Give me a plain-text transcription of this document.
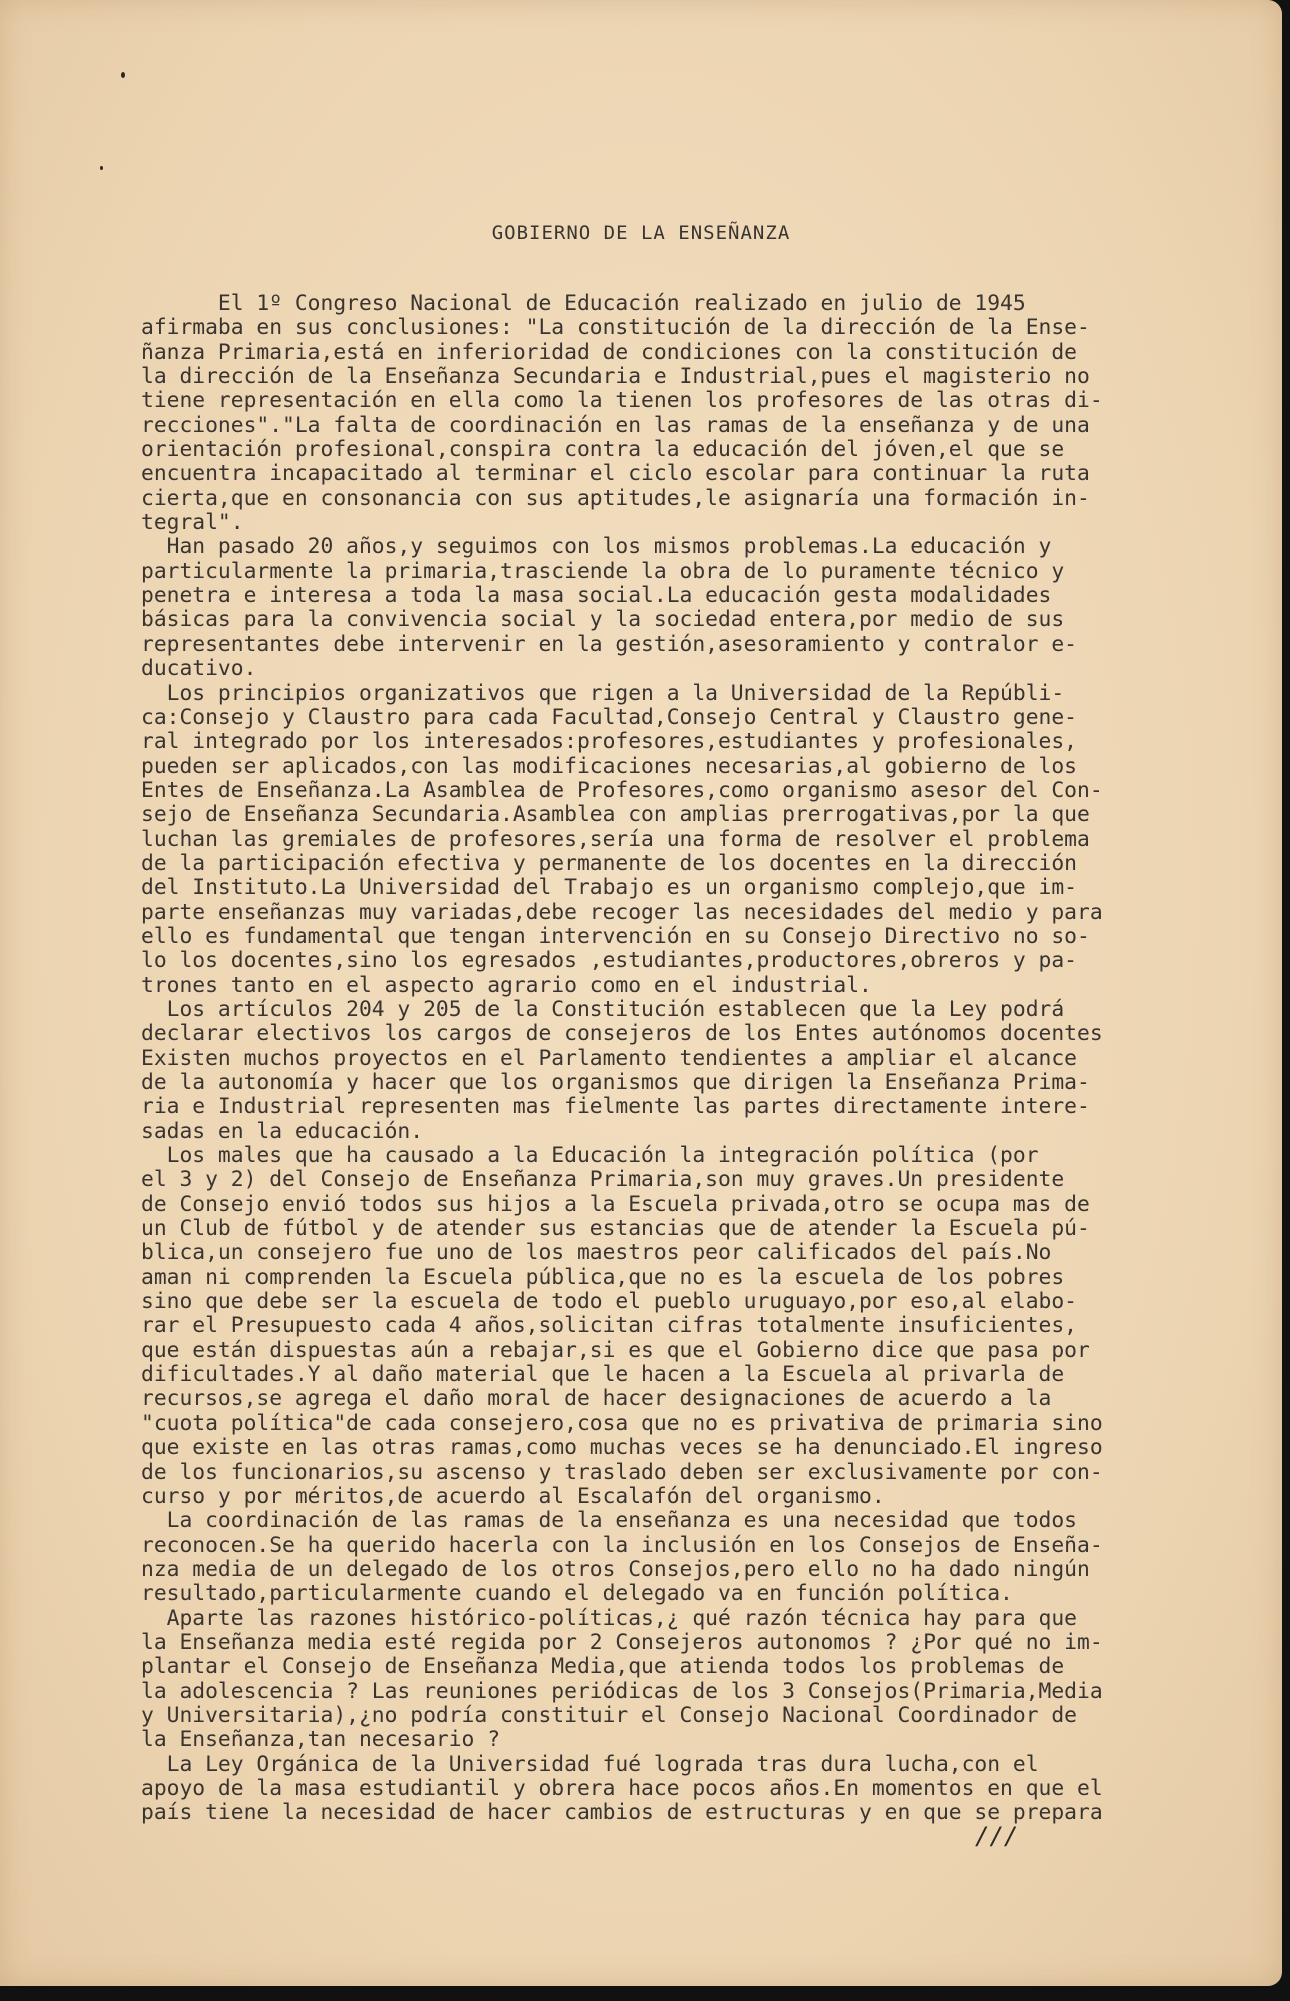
GOBIERNO DE LA ENSEÑANZA
El 1º Congreso Nacional de Educación realizado en julio de 1945
afirmaba en sus conclusiones: "La constitución de la dirección de la Ense-
ñanza Primaria,está en inferioridad de condiciones con la constitución de
la dirección de la Enseñanza Secundaria e Industrial,pues el magisterio no
tiene representación en ella como la tienen los profesores de las otras di-
recciones"."La falta de coordinación en las ramas de la enseñanza y de una
orientación profesional,conspira contra la educación del jóven,el que se
encuentra incapacitado al terminar el ciclo escolar para continuar la ruta
cierta,que en consonancia con sus aptitudes,le asignaría una formación in-
tegral".
Han pasado 20 años,y seguimos con los mismos problemas.La educación y
particularmente la primaria,trasciende la obra de lo puramente técnico y
penetra e interesa a toda la masa social.La educación gesta modalidades
básicas para la convivencia social y la sociedad entera,por medio de sus
representantes debe intervenir en la gestión,asesoramiento y contralor e-
ducativo.
Los principios organizativos que rigen a la Universidad de la Repúbli-
ca:Consejo y Claustro para cada Facultad,Consejo Central y Claustro gene-
ral integrado por los interesados:profesores,estudiantes y profesionales,
pueden ser aplicados,con las modificaciones necesarias,al gobierno de los
Entes de Enseñanza.La Asamblea de Profesores,como organismo asesor del Con-
sejo de Enseñanza Secundaria.Asamblea con amplias prerrogativas,por la que
luchan las gremiales de profesores,sería una forma de resolver el problema
de la participación efectiva y permanente de los docentes en la dirección
del Instituto.La Universidad del Trabajo es un organismo complejo,que im-
parte enseñanzas muy variadas,debe recoger las necesidades del medio y para
ello es fundamental que tengan intervención en su Consejo Directivo no so-
lo los docentes,sino los egresados ,estudiantes,productores,obreros y pa-
trones tanto en el aspecto agrario como en el industrial.
Los artículos 204 y 205 de la Constitución establecen que la Ley podrá
declarar electivos los cargos de consejeros de los Entes autónomos docentes
Existen muchos proyectos en el Parlamento tendientes a ampliar el alcance
de la autonomía y hacer que los organismos que dirigen la Enseñanza Prima-
ria e Industrial representen mas fielmente las partes directamente intere-
sadas en la educación.
Los males que ha causado a la Educación la integración política (por
el 3 y 2) del Consejo de Enseñanza Primaria,son muy graves.Un presidente
de Consejo envió todos sus hijos a la Escuela privada,otro se ocupa mas de
un Club de fútbol y de atender sus estancias que de atender la Escuela pú-
blica,un consejero fue uno de los maestros peor calificados del país.No
aman ni comprenden la Escuela pública,que no es la escuela de los pobres
sino que debe ser la escuela de todo el pueblo uruguayo,por eso,al elabo-
rar el Presupuesto cada 4 años,solicitan cifras totalmente insuficientes,
que están dispuestas aún a rebajar,si es que el Gobierno dice que pasa por
dificultades.Y al daño material que le hacen a la Escuela al privarla de
recursos,se agrega el daño moral de hacer designaciones de acuerdo a la
"cuota política"de cada consejero,cosa que no es privativa de primaria sino
que existe en las otras ramas,como muchas veces se ha denunciado.El ingreso
de los funcionarios,su ascenso y traslado deben ser exclusivamente por con-
curso y por méritos,de acuerdo al Escalafón del organismo.
La coordinación de las ramas de la enseñanza es una necesidad que todos
reconocen.Se ha querido hacerla con la inclusión en los Consejos de Enseña-
nza media de un delegado de los otros Consejos,pero ello no ha dado ningún
resultado,particularmente cuando el delegado va en función política.
Aparte las razones histórico-políticas,¿ qué razón técnica hay para que
la Enseñanza media esté regida por 2 Consejeros autonomos ? ¿Por qué no im-
plantar el Consejo de Enseñanza Media,que atienda todos los problemas de
la adolescencia ? Las reuniones periódicas de los 3 Consejos(Primaria,Media
y Universitaria),¿no podría constituir el Consejo Nacional Coordinador de
la Enseñanza,tan necesario ?
La Ley Orgánica de la Universidad fué lograda tras dura lucha,con el
apoyo de la masa estudiantil y obrera hace pocos años.En momentos en que el
país tiene la necesidad de hacer cambios de estructuras y en que se prepara
///
